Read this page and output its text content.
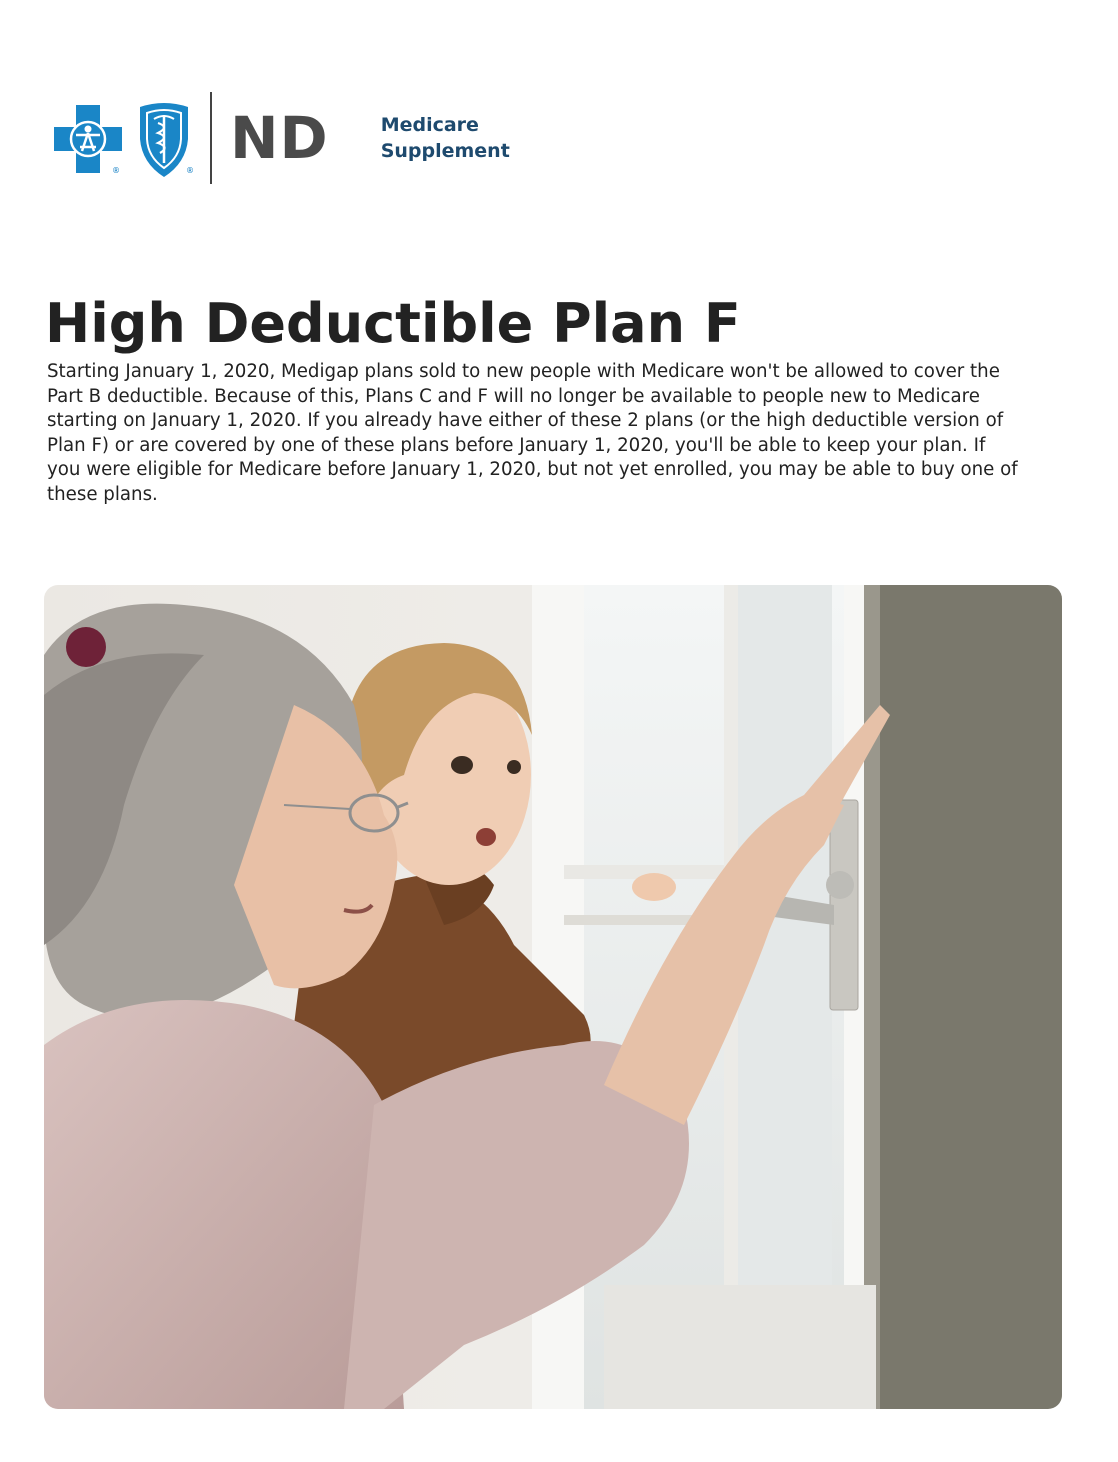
®	® ND	Medicare
Supplement
High Deductible Plan F

Starting January 1, 2020, Medigap plans sold to new people with Medicare won't be allowed to cover the Part B deductible. Because of this, Plans C and F will no longer be available to people new to Medicare starting on January 1, 2020. If you already have either of these 2 plans (or the high deductible version of Plan F) or are covered by one of these plans before January 1, 2020, you'll be able to keep your plan. If you were eligible for Medicare before January 1, 2020, but not yet enrolled, you may be able to buy one of these plans.
